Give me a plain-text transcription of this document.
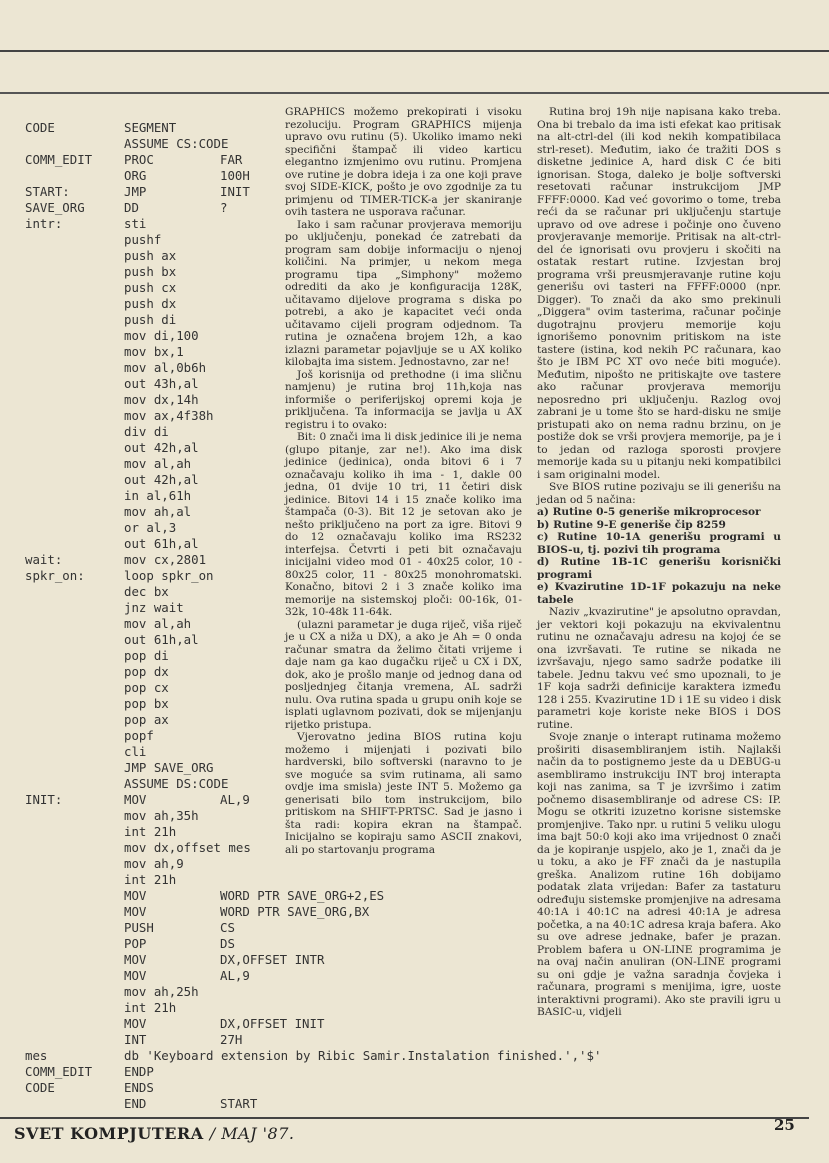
CODE	SEGMENT
ASSUME CS:CODE
COMM_EDIT	PROC	FAR
ORG	100H
START:	JMP	INIT
SAVE_ORG	DD	?
intr:	sti
pushf
push ax
push bx
push cx
push dx
push di
mov di,100
mov bx,1
mov al,0b6h
out 43h,al
mov dx,14h
mov ax,4f38h
div di
out 42h,al
mov al,ah
out 42h,al
in al,61h
mov ah,al
or al,3
out 61h,al
wait:	mov cx,2801
spkr_on:	loop spkr_on
dec bx
jnz wait
mov al,ah
out 61h,al
pop di
pop dx
pop cx
pop bx
pop ax
popf
cli
JMP SAVE_ORG
ASSUME DS:CODE
INIT:	MOV	AL,9
mov ah,35h
int 21h
mov dx,offset mes
mov ah,9
int 21h
MOV	WORD PTR SAVE_ORG+2,ES
MOV	WORD PTR SAVE_ORG,BX
PUSH	CS
POP	DS
MOV	DX,OFFSET INTR
MOV	AL,9
mov ah,25h
int 21h
MOV	DX,OFFSET INIT
INT	27H
mes	db 'Keyboard extension by Ribic Samir.Instalation finished.','$'
COMM_EDIT	ENDP
CODE	ENDS
END	START

GRAPHICS možemo prekopirati i visoku rezoluciju. Program GRAPHICS mijenja upravo ovu rutinu (5). Ukoliko imamo neki specifični štampač ili video karticu elegantno izmjenimo ovu rutinu. Promjena ove rutine je dobra ideja i za one koji prave svoj SIDE-KICK, pošto je ovo zgodnije za tu primjenu od TIMER-TICK-a jer skaniranje ovih tastera ne usporava računar.

Iako i sam računar provjerava memoriju po uključenju, ponekad će zatrebati da program sam dobije informaciju o njenoj količini. Na primjer, u nekom mega programu tipa „Simphony" možemo odrediti da ako je konfiguracija 128K, učitavamo dijelove programa s diska po potrebi, a ako je kapacitet veći onda učitavamo cijeli program odjednom. Ta rutina je označena brojem 12h, a kao izlazni parametar pojavljuje se u AX koliko kilobajta ima sistem. Jednostavno, zar ne!

Još korisnija od prethodne (i ima sličnu namjenu) je rutina broj 11h,koja nas informiše o periferijskoj opremi koja je priključena. Ta informacija se javlja u AX registru i to ovako:

Bit: 0 znači ima li disk jedinice ili je nema (glupo pitanje, zar ne!). Ako ima disk jedinice (jedinica), onda bitovi 6 i 7 označavaju koliko ih ima - 1, dakle 00 jedna, 01 dvije 10 tri, 11 četiri disk jedinice. Bitovi 14 i 15 znače koliko ima štampača (0-3). Bit 12 je setovan ako je nešto priključeno na port za igre. Bitovi 9 do 12 označavaju koliko ima RS232 interfejsa. Četvrti i peti bit označavaju inicijalni video mod 01 - 40x25 color, 10 - 80x25 color, 11 - 80x25 monohromatski. Konačno, bitovi 2 i 3 znače koliko ima memorije na sistemskoj ploči: 00-16k, 01-32k, 10-48k 11-64k.

(ulazni parametar je duga riječ, viša riječ je u CX a niža u DX), a ako je Ah = 0 onda računar smatra da želimo čitati vrijeme i daje nam ga kao dugačku riječ u CX i DX, dok, ako je prošlo manje od jednog dana od posljednjeg čitanja vremena, AL sadrži nulu. Ova rutina spada u grupu onih koje se isplati uglavnom pozivati, dok se mijenjanju rijetko pristupa.

Vjerovatno jedina BIOS rutina koju možemo i mijenjati i pozivati bilo hardverski, bilo softverski (naravno to je sve moguće sa svim rutinama, ali samo ovdje ima smisla) jeste INT 5. Možemo ga generisati bilo tom instrukcijom, bilo pritiskom na SHIFT-PRTSC. Sad je jasno i šta radi: kopira ekran na štampač. Inicijalno se kopiraju samo ASCII znakovi, ali po startovanju programa

Rutina broj 19h nije napisana kako treba. Ona bi trebalo da ima isti efekat kao pritisak na alt-ctrl-del (ili kod nekih kompatibilaca strl-reset). Međutim, iako će tražiti DOS s disketne jedinice A, hard disk C će biti ignorisan. Stoga, daleko je bolje softverski resetovati računar instrukcijom JMP FFFF:0000. Kad već govorimo o tome, treba reći da se računar pri uključenju startuje upravo od ove adrese i počinje ono čuveno provjeravanje memorije. Pritisak na alt-ctrl-del će ignorisati ovu provjeru i skočiti na ostatak restart rutine. Izvjestan broj programa vrši preusmjeravanje rutine koju generišu ovi tasteri na FFFF:0000 (npr. Digger). To znači da ako smo prekinuli „Diggera" ovim tasterima, računar počinje dugotrajnu provjeru memorije koju ignorišemo ponovnim pritiskom na iste tastere (istina, kod nekih PC računara, kao što je IBM PC XT ovo neće biti moguće). Međutim, nipošto ne pritiskajte ove tastere ako računar provjerava memoriju neposredno pri uključenju. Razlog ovoj zabrani je u tome što se hard-disku ne smije pristupati ako on nema radnu brzinu, on je postiže dok se vrši provjera memorije, pa je i to jedan od razloga sporosti provjere memorije kada su u pitanju neki kompatibilci i sam originalni model.

Sve BIOS rutine pozivaju se ili generišu na jedan od 5 načina:

a) Rutine 0-5 generiše mikroprocesor

b) Rutine 9-E generiše čip 8259

c) Rutine 10-1A generišu programi u BIOS-u, tj. pozivi tih programa

d) Rutine 1B-1C generišu korisnički programi

e) Kvazirutine 1D-1F pokazuju na neke tabele

Naziv „kvazirutine" je apsolutno opravdan, jer vektori koji pokazuju na ekvivalentnu rutinu ne označavaju adresu na kojoj će se ona izvršavati. Te rutine se nikada ne izvršavaju, njego samo sadrže podatke ili tabele. Jednu takvu već smo upoznali, to je 1F koja sadrži definicije karaktera između 128 i 255. Kvazirutine 1D i 1E su video i disk parametri koje koriste neke BIOS i DOS rutine.

Svoje znanje o interapt rutinama možemo proširiti disasembliranjem istih. Najlakši način da to postignemo jeste da u DEBUG-u asembliramo instrukciju INT broj interapta koji nas zanima, sa T je izvršimo i zatim počnemo disasembliranje od adrese CS: IP. Mogu se otkriti izuzetno korisne sistemske promjenjive. Tako npr. u rutini 5 veliku ulogu ima bajt 50:0 koji ako ima vrijednost 0 znači da je kopiranje uspjelo, ako je 1, znači da je u toku, a ako je FF znači da je nastupila greška. Analizom rutine 16h dobijamo podatak zlata vrijedan: Bafer za tastaturu određuju sistemske promjenjive na adresama 40:1A i 40:1C na adresi 40:1A je adresa početka, a na 40:1C adresa kraja bafera. Ako su ove adrese jednake, bafer je prazan. Problem bafera u ON-LINE programima je na ovaj način anuliran (ON-LINE programi su oni gdje je važna saradnja čovjeka i računara, programi s menijima, igre, uoste interaktivni programi). Ako ste pravili igru u BASIC-u, vidjeli

SVET KOMPJUTERA / MAJ '87.	25
